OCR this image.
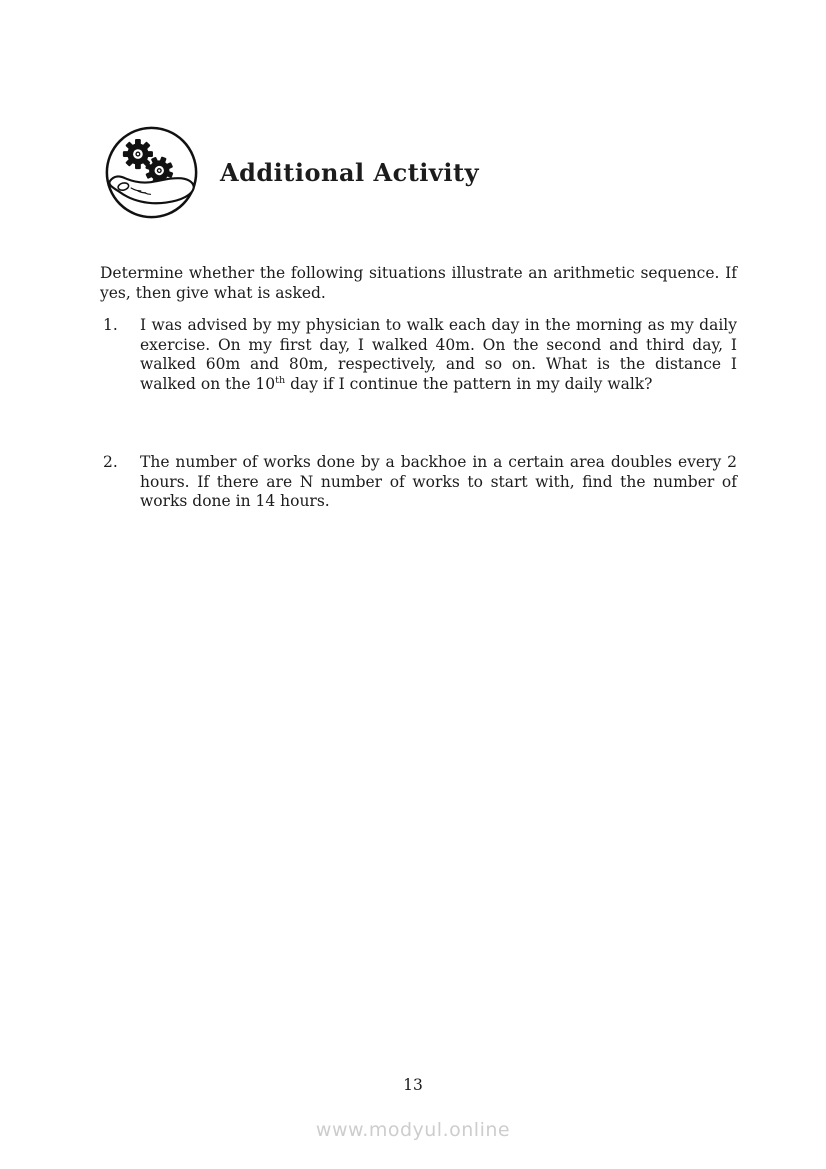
Additional Activity

Determine whether the following situations illustrate an arithmetic sequence. If yes, then give what is asked.

1.	I was advised by my physician to walk each day in the morning as my daily exercise. On my first day, I walked 40m. On the second and third day, I walked 60m and 80m, respectively, and so on. What is the distance I walked on the 10th day if I continue the pattern in my daily walk?
2.	The number of works done by a backhoe in a certain area doubles every 2 hours. If there are N number of works to start with, find the number of works done in 14 hours.
13
www.modyul.online
